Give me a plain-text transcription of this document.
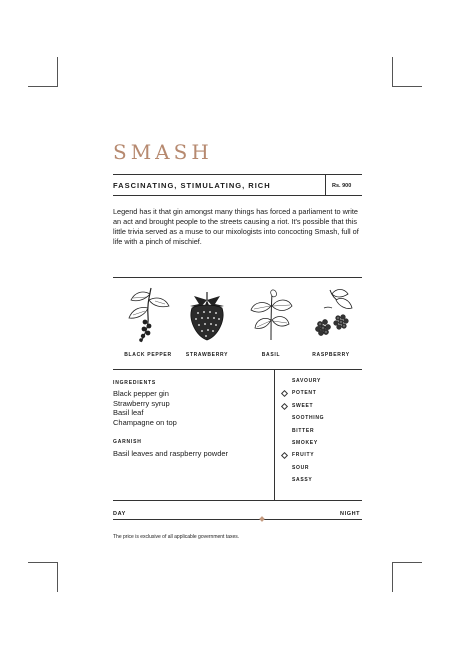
SMASH
FASCINATING, STIMULATING, RICH	Rs. 900
Legend has it that gin amongst many things has forced a parliament to write an act and brought people to the streets causing a riot. It's possible that this little trivia served as a muse to our mixologists into concocting Smash, full of life with a pinch of mischief.
BLACK PEPPER	STRAWBERRY	BASIL	RASPBERRY
INGREDIENTS
Black pepper gin
Strawberry syrup
Basil leaf
Champagne on top
GARNISH
Basil leaves and raspberry powder
SAVOURY
POTENT
SWEET
SOOTHING
BITTER
SMOKEY
FRUITY
SOUR
SASSY
DAY	NIGHT
The price is exclusive of all applicable government taxes.
